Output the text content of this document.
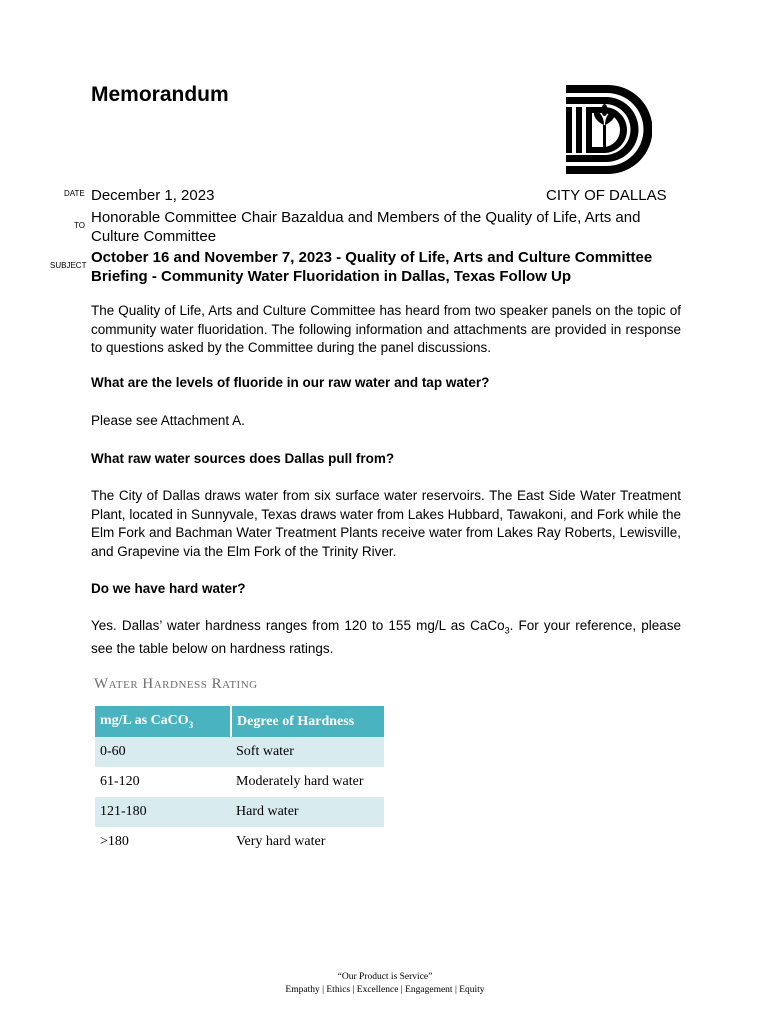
Memorandum
DATE December 1, 2023	CITY OF DALLAS
TO Honorable Committee Chair Bazaldua and Members of the Quality of Life, Arts and Culture Committee
SUBJECT October 16 and November 7, 2023 - Quality of Life, Arts and Culture Committee Briefing - Community Water Fluoridation in Dallas, Texas Follow Up
The Quality of Life, Arts and Culture Committee has heard from two speaker panels on the topic of community water fluoridation. The following information and attachments are provided in response to questions asked by the Committee during the panel discussions.
What are the levels of fluoride in our raw water and tap water?
Please see Attachment A.
What raw water sources does Dallas pull from?
The City of Dallas draws water from six surface water reservoirs. The East Side Water Treatment Plant, located in Sunnyvale, Texas draws water from Lakes Hubbard, Tawakoni, and Fork while the Elm Fork and Bachman Water Treatment Plants receive water from Lakes Ray Roberts, Lewisville, and Grapevine via the Elm Fork of the Trinity River.
Do we have hard water?
Yes. Dallas’ water hardness ranges from 120 to 155 mg/L as CaCo$_3$. For your reference, please see the table below on hardness ratings.
Water Hardness Rating
mg/L as CaCO$_3$	Degree of Hardness
0-60	Soft water
61-120	Moderately hard water
121-180	Hard water
>180	Very hard water
“Our Product is Service”
Empathy | Ethics | Excellence | Engagement | Equity
